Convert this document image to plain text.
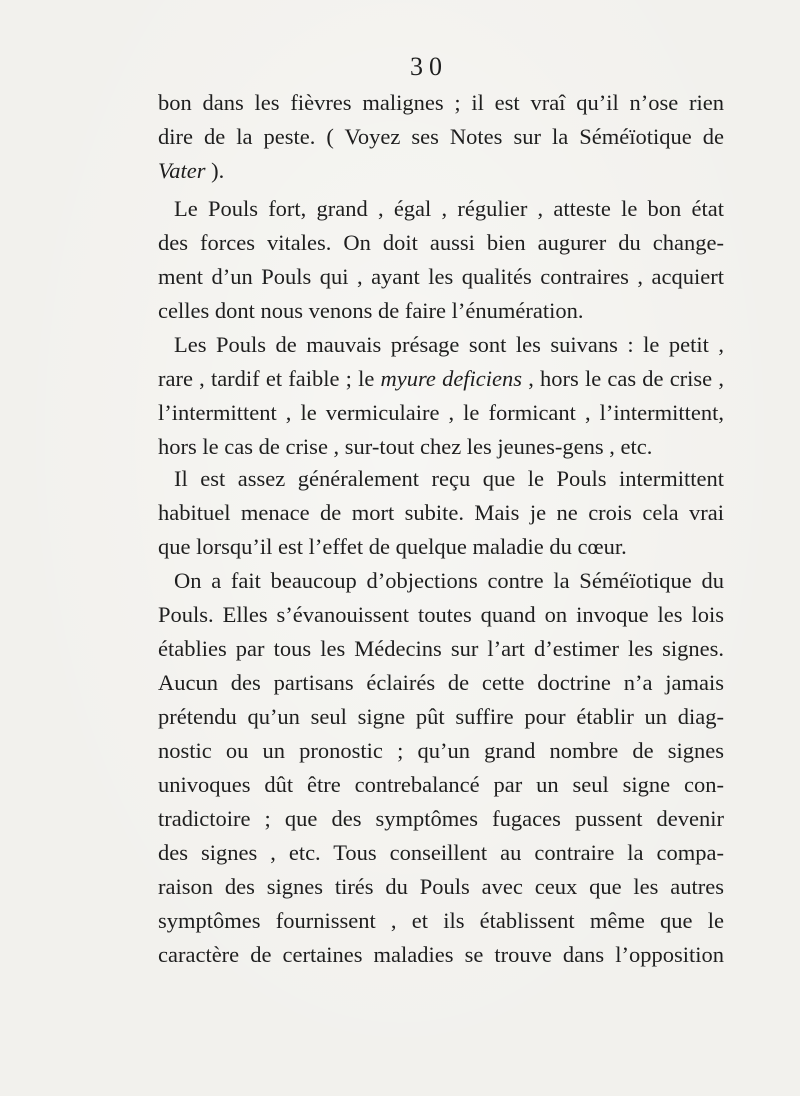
30
bon dans les fièvres malignes ; il est vraî qu’il n’ose rien
dire de la peste. ( Voyez ses Notes sur la Séméïotique de
Vater ).
Le Pouls fort, grand , égal , régulier , atteste le bon état
des forces vitales. On doit aussi bien augurer du change-
ment d’un Pouls qui , ayant les qualités contraires , acquiert
celles dont nous venons de faire l’énumération.
Les Pouls de mauvais présage sont les suivans : le petit ,
rare , tardif et faible ; le myure deficiens , hors le cas de crise ,
l’intermittent , le vermiculaire , le formicant , l’intermittent,
hors le cas de crise , sur-tout chez les jeunes-gens , etc.
Il est assez généralement reçu que le Pouls intermittent
habituel menace de mort subite. Mais je ne crois cela vrai
que lorsqu’il est l’effet de quelque maladie du cœur.
On a fait beaucoup d’objections contre la Séméïotique du
Pouls. Elles s’évanouissent toutes quand on invoque les lois
établies par tous les Médecins sur l’art d’estimer les signes.
Aucun des partisans éclairés de cette doctrine n’a jamais
prétendu qu’un seul signe pût suffire pour établir un diag-
nostic ou un pronostic ; qu’un grand nombre de signes
univoques dût être contrebalancé par un seul signe con-
tradictoire ; que des symptômes fugaces pussent devenir
des signes , etc. Tous conseillent au contraire la compa-
raison des signes tirés du Pouls avec ceux que les autres
symptômes fournissent , et ils établissent même que le
caractère de certaines maladies se trouve dans l’opposition
